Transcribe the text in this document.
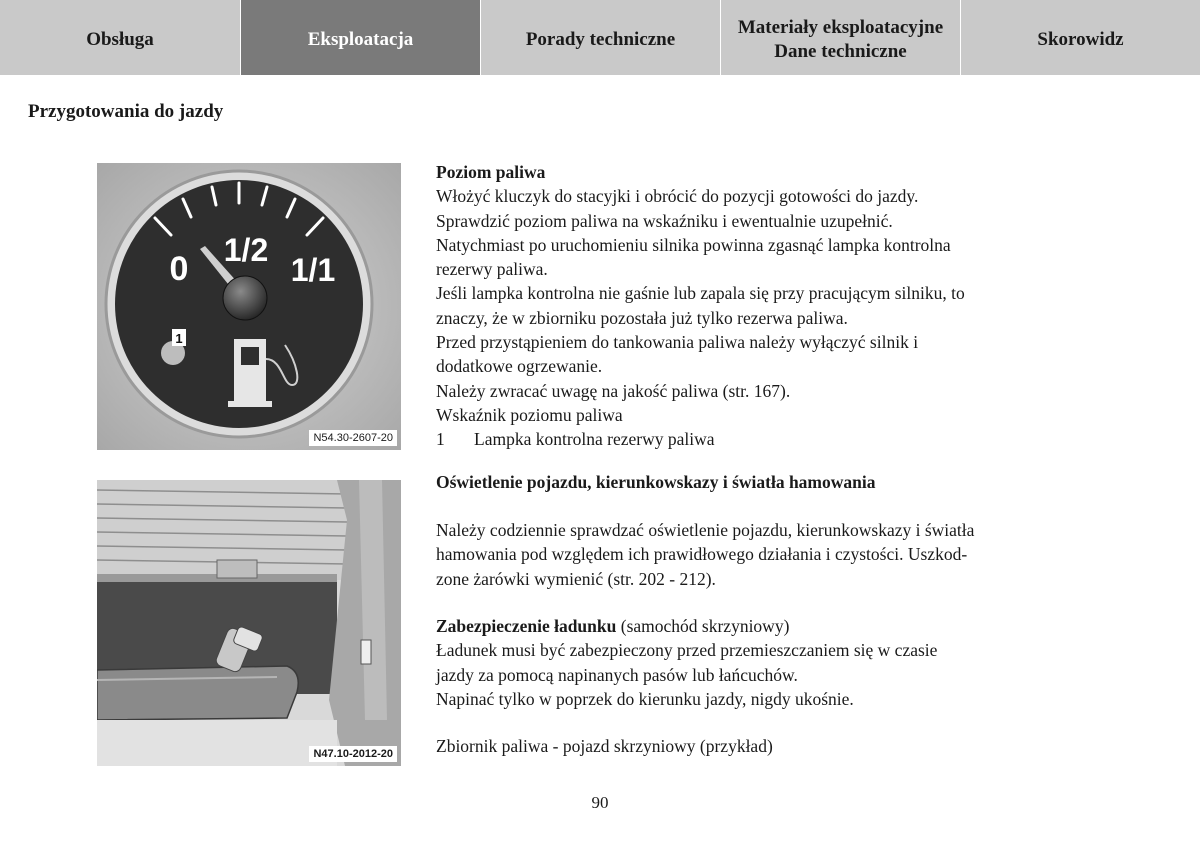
Obsługa	Eksploatacja	Porady techniczne
Materiały eksploatacyjne
Dane techniczne
Skorowidz
Przygotowania do jazdy
0 1/2
1/1
1
N54.30-2607-20
N47.10-2012-20

Poziom paliwa

Włożyć kluczyk do stacyjki i obrócić do pozycji gotowości do jazdy.

Sprawdzić poziom paliwa na wskaźniku i ewentualnie uzupełnić.

Natychmiast po uruchomieniu silnika powinna zgasnąć lampka kontrolna

rezerwy paliwa.

Jeśli lampka kontrolna nie gaśnie lub zapala się przy pracującym silniku, to

znaczy, że w zbiorniku pozostała już tylko rezerwa paliwa.

Przed przystąpieniem do tankowania paliwa należy wyłączyć silnik i

dodatkowe ogrzewanie.

Należy zwracać uwagę na jakość paliwa (str. 167).

Wskaźnik poziomu paliwa

1	Lampka kontrolna rezerwy paliwa

Oświetlenie pojazdu, kierunkowskazy i światła hamowania

Należy codziennie sprawdzać oświetlenie pojazdu, kierunkowskazy i światła

hamowania pod względem ich prawidłowego działania i czystości. Uszkod-

zone żarówki wymienić (str. 202 - 212).

Zabezpieczenie ładunku (samochód skrzyniowy)

Ładunek musi być zabezpieczony przed przemieszczaniem się w czasie

jazdy za pomocą napinanych pasów lub łańcuchów.

Napinać tylko w poprzek do kierunku jazdy, nigdy ukośnie.

Zbiornik paliwa - pojazd skrzyniowy (przykład)

90
